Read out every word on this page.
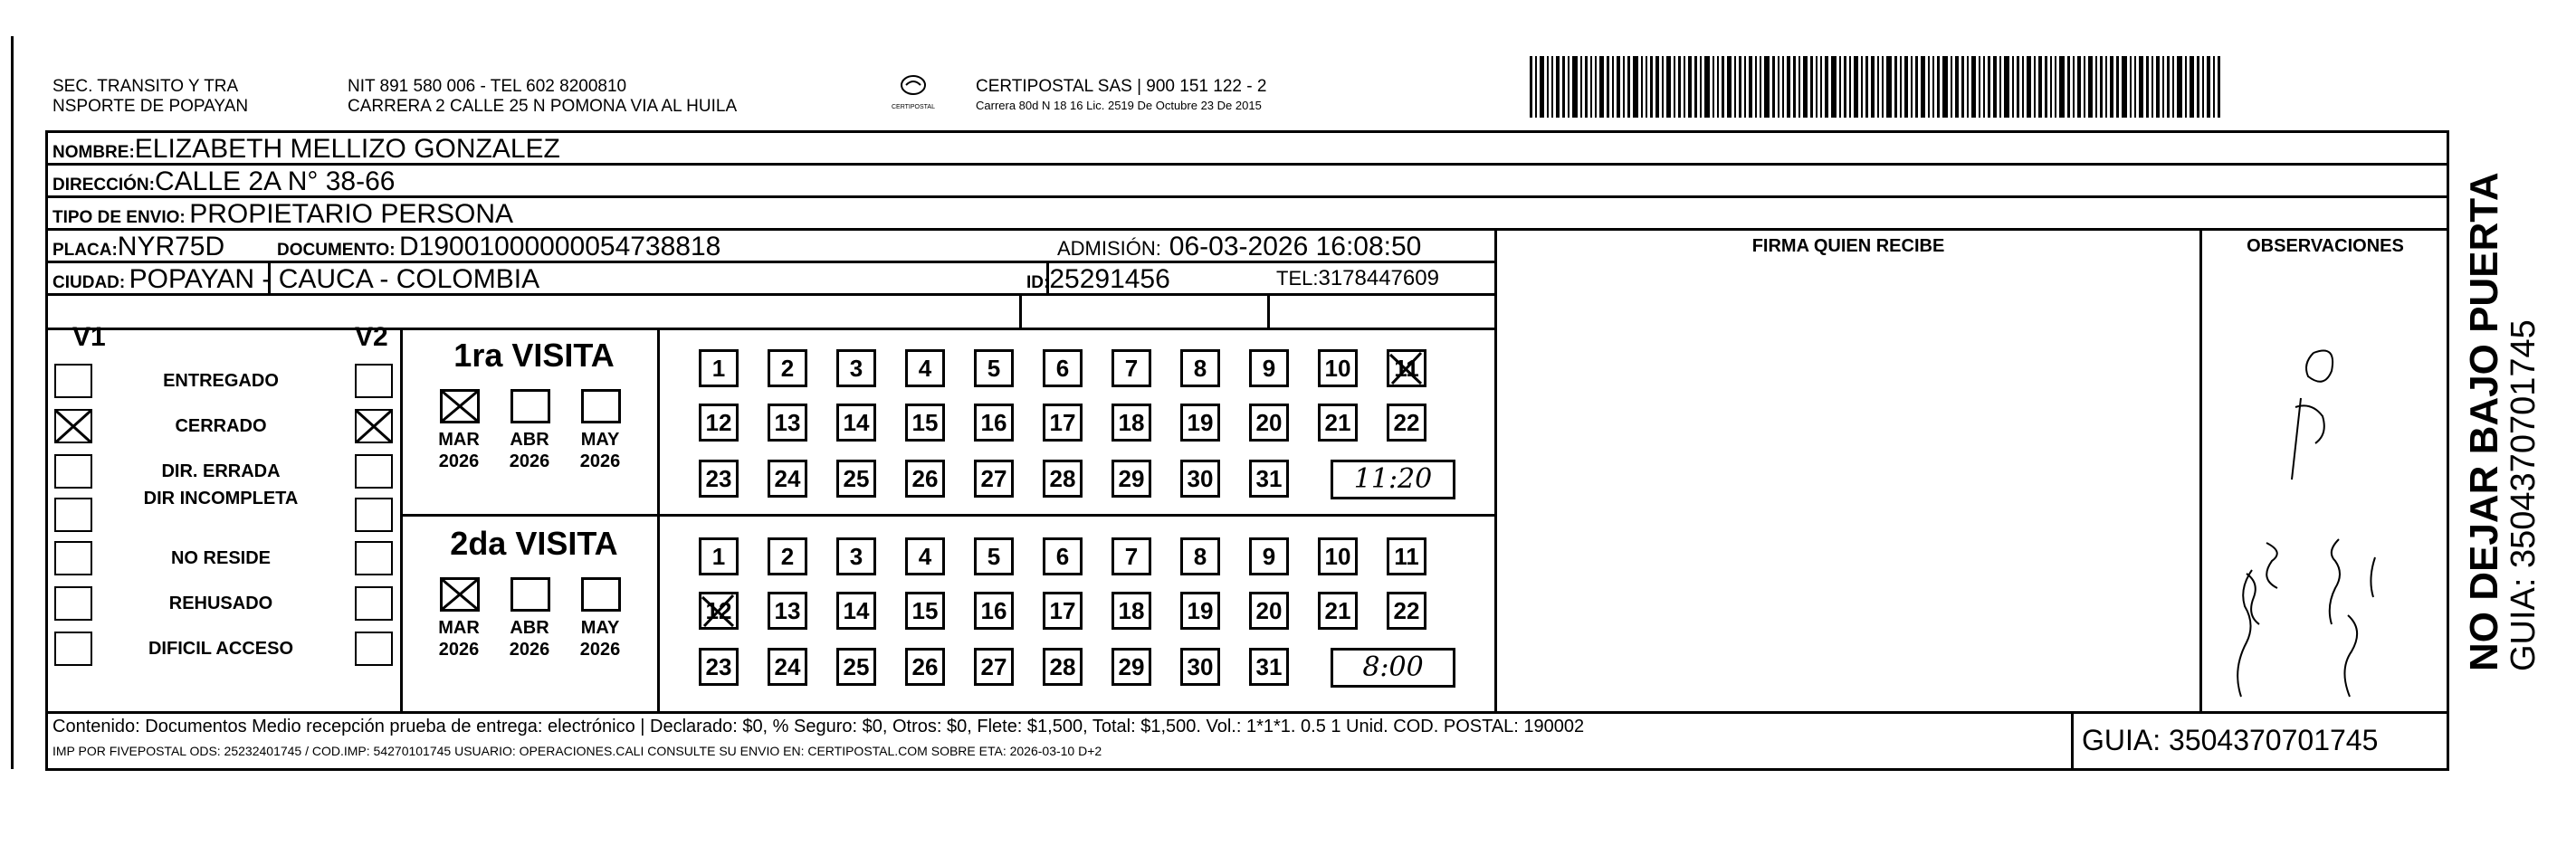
SEC. TRANSITO Y TRA
NSPORTE DE POPAYAN
NIT 891 580 006 - TEL 602 8200810
CARRERA 2 CALLE 25 N POMONA VIA AL HUILA	CERTIPOSTAL
CERTIPOSTAL SAS | 900 151 122 - 2
Carrera 80d N 18 16 Lic. 2519 De Octubre 23 De 2015
NOMBRE:ELIZABETH MELLIZO GONZALEZ
DIRECCIÓN:CALLE 2A N° 38-66
TIPO DE ENVIO: PROPIETARIO PERSONA
FIRMA QUIEN RECIBE	OBSERVACIONES
PLACA:NYR75D	DOCUMENTO: D19001000000054738818	ADMISIÓN: 06-03-2026 16:08:50
CIUDAD: POPAYAN - CAUCA - COLOMBIA	ID:25291456	TEL:3178447609
V1	V2
ENTREGADO
CERRADO
DIR. ERRADA
DIR INCOMPLETA
NO RESIDE
REHUSADO
DIFICIL ACCESO
1ra VISITA
MAR
2026
ABR
2026
MAY
2026
1	2	3	4	5	6	7	8	9	10	11
12 13 14 15 16 17 18 19 20 21 22
23 24 25 26 27 28 29 30 31	11:20
2da VISITA
MAR
2026
ABR
2026
MAY
2026
1	2	3	4	5	6	7	8	9	10	11
12 13 14 15 16 17 18 19 20 21 22
23 24 25 26 27 28 29 30 31	8:00
Casa de 1/PISO Blanca
Contenido: Documentos Medio recepción prueba de entrega: electrónico | Declarado: $0, % Seguro: $0, Otros: $0, Flete: $1,500, Total: $1,500. Vol.: 1*1*1. 0.5 1 Unid. COD. POSTAL: 190002
IMP POR FIVEPOSTAL ODS: 25232401745 / COD.IMP: 54270101745 USUARIO: OPERACIONES.CALI CONSULTE SU ENVIO EN: CERTIPOSTAL.COM SOBRE ETA: 2026-03-10 D+2	GUIA: 3504370701745
NO DEJAR BAJO PUERTA
GUIA: 3504370701745
